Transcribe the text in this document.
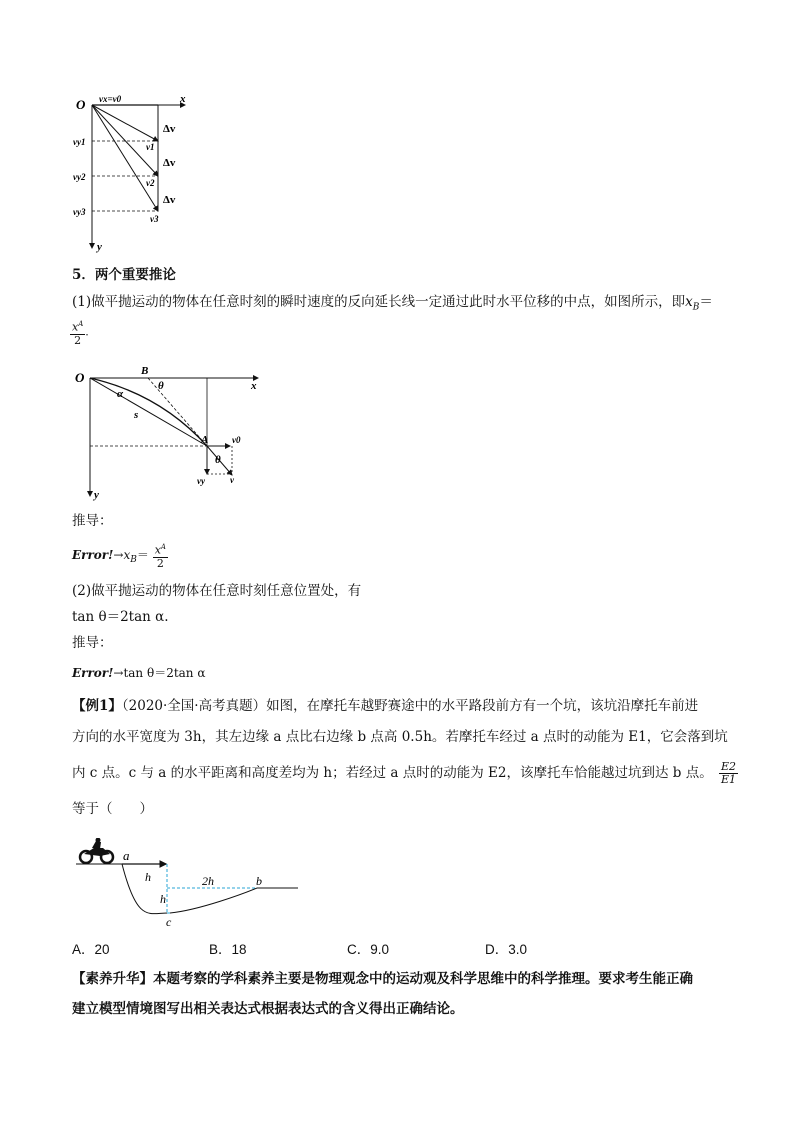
O	x
y
vx=v0
vy1
vy2
vy3
v1
v2
v3
Δv
Δv
Δv
5．两个重要推论
(1)做平抛运动的物体在任意时刻的瞬时速度的反向延长线一定通过此时水平位移的中点，如图所示，即$x_B=$
$\frac{x^A}{2}$ .
O
x
y
B
θ
α
s
A	v0
θ
vy	v
推导：
$Error!\to x_B= \frac{x^A}{2}$
(2)做平抛运动的物体在任意时刻任意位置处，有
tan θ＝2tan α.
推导：
Error!→tan θ＝2tan α
【例1】（2020·全国·高考真题）如图，在摩托车越野赛途中的水平路段前方有一个坑，该坑沿摩托车前进
方向的水平宽度为 3h，其左边缘 a 点比右边缘 b 点高 0.5h。若摩托车经过 a 点时的动能为 E1，它会落到坑
内 c 点。c 与 a 的水平距离和高度差均为 h；若经过 a 点时的动能为 E2，该摩托车恰能越过坑到达 b 点。 $\frac{E2}{E1}$
等于（　　）
a
h
h
2h	b
c
A．20	B．18	C．9.0	D．3.0
【素养升华】本题考察的学科素养主要是物理观念中的运动观及科学思维中的科学推理。要求考生能正确
建立模型情境图写出相关表达式根据表达式的含义得出正确结论。
